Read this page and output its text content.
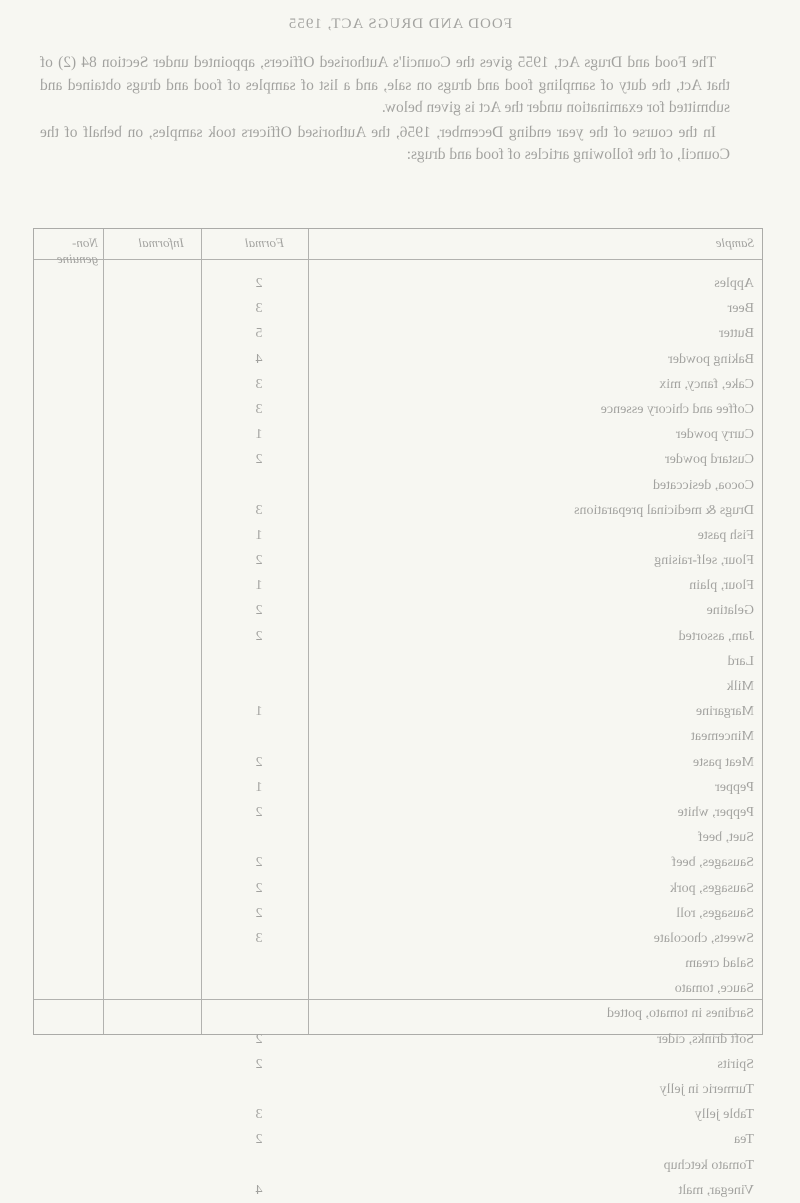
FOOD AND DRUGS ACT, 1955

The Food and Drugs Act, 1955 gives the Council's Authorised Officers, appointed under Section 84 (2) of that Act, the duty of sampling food and drugs on sale, and a list of samples of food and drugs obtained and submitted for examination under the Act is given below.

In the course of the year ending December, 1956, the Authorised Officers took samples, on behalf of the Council, of the following articles of food and drugs:

Sample
Formal
Informal
Non-genuine
Apples
Beer
Butter
Baking powder
Cake, fancy, mix
Coffee and chicory essence
Curry powder
Custard powder
Cocoa, desiccated
Drugs & medicinal preparations
Fish paste
Flour, self-raising
Flour, plain
Gelatine
Jam, assorted
Lard
Milk
Margarine
Mincemeat
Meat paste
Pepper
Pepper, white
Suet, beef
Sausages, beef
Sausages, pork
Sausages, roll
Sweets, chocolate
Salad cream
Sauce, tomato
Sardines in tomato, potted
Soft drinks, cider
Spirits
Turmeric in jelly
Table jelly
Tea
Tomato ketchup
Vinegar, malt
2
3
5
4
3
3
1
2
3
1
2
1
2
2
1
2
1
2
2
2
2
3
2
2
3
2
4
